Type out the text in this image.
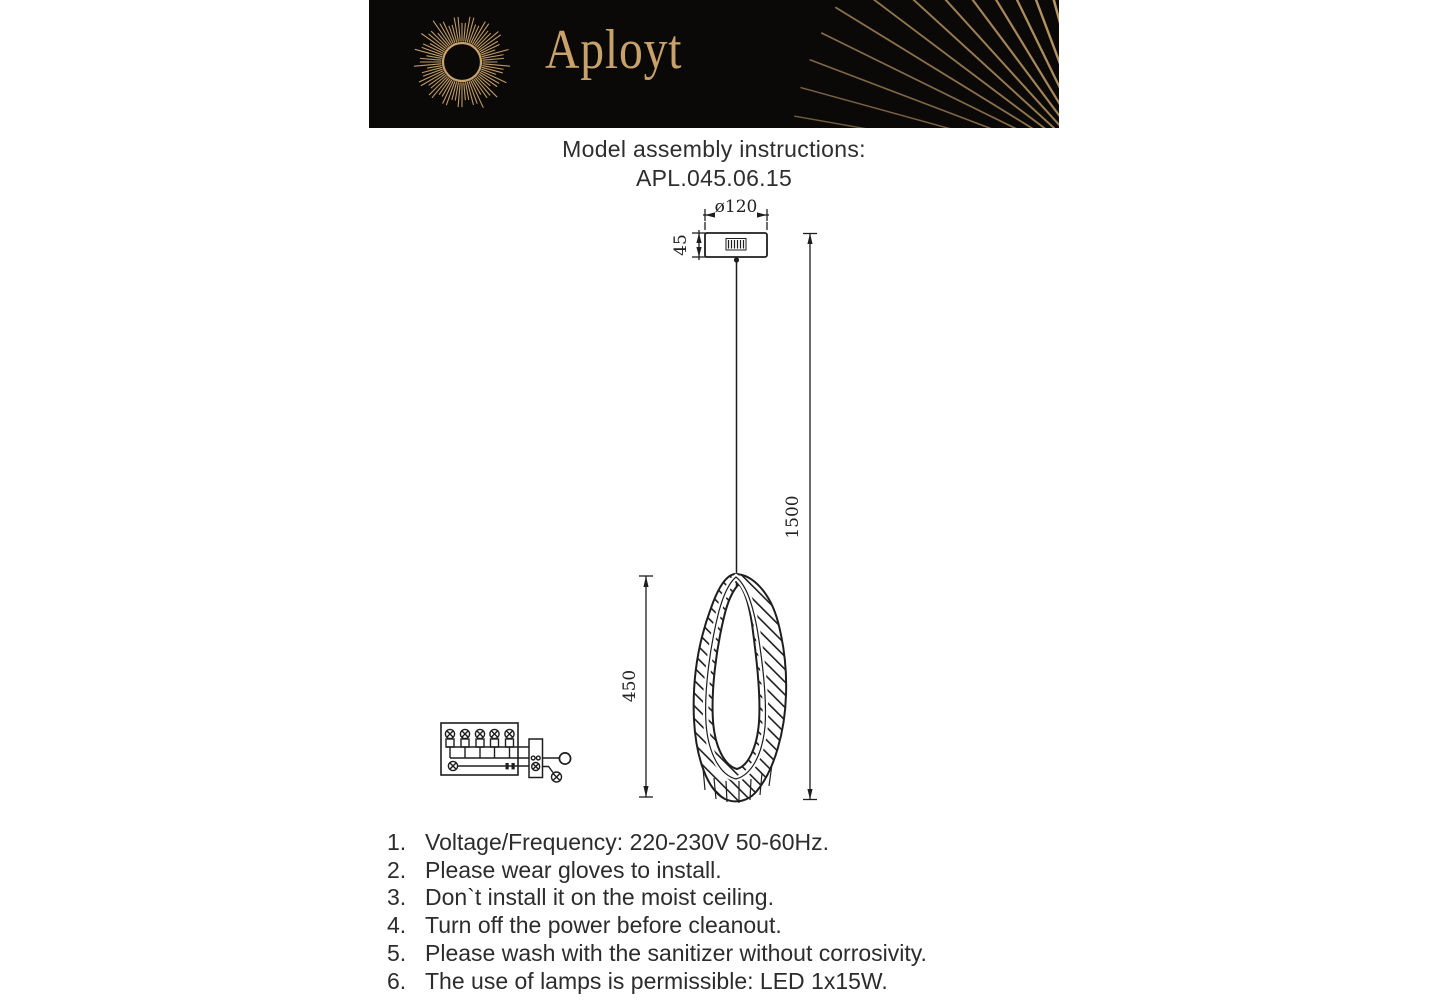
Aployt
Model assembly instructions:
APL.045.06.15
ø120
45
1500
450
1. Voltage/Frequency: 220-230V 50-60Hz.
2. Please wear gloves to install.
3. Don`t install it on the moist ceiling.
4. Turn off the power before cleanout.
5. Please wash with the sanitizer without corrosivity.
6. The use of lamps is permissible: LED 1x15W.
